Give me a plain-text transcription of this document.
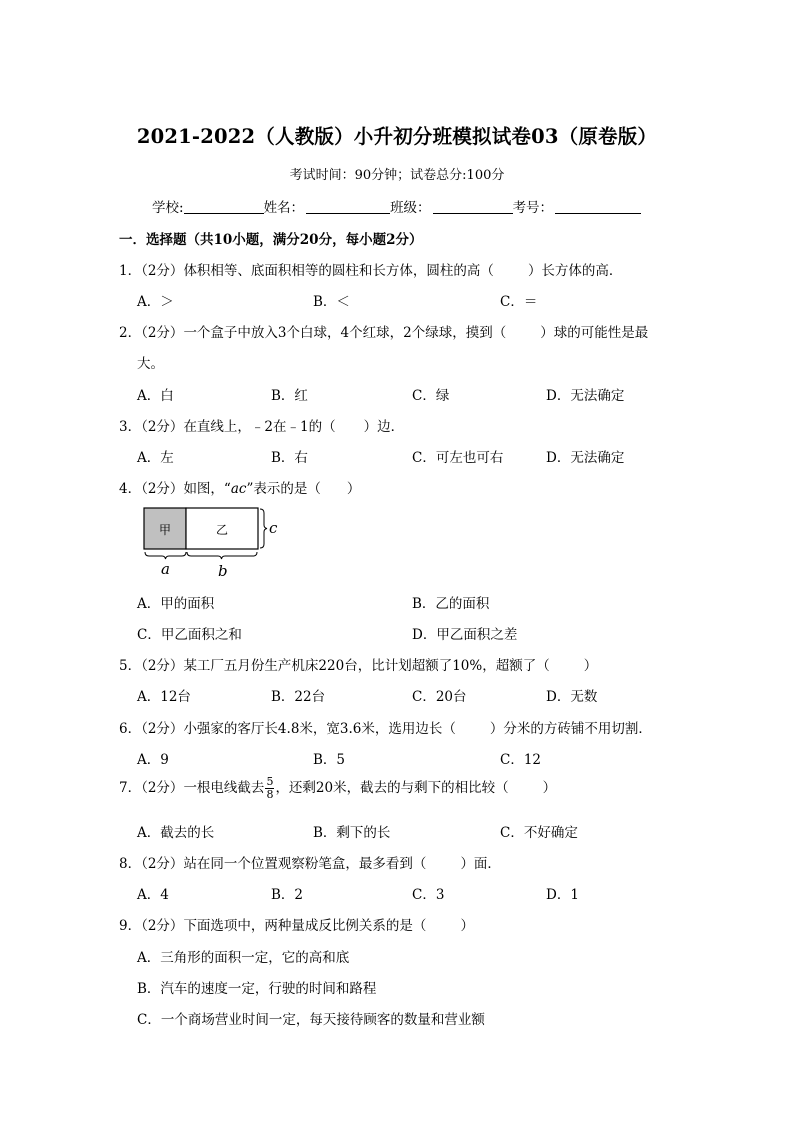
2021-2022（人教版）小升初分班模拟试卷03（原卷版）
考试时间：90分钟；试卷总分:100分
学校:	姓名：	班级：	考号：
一．选择题（共10小题，满分20分，每小题2分）
1．（2分）体积相等、底面积相等的圆柱和长方体，圆柱的高（	）长方体的高．
A．＞	B．＜	C．＝
2．（2分）一个盒子中放入3个白球，4个红球，2个绿球，摸到（	）球的可能性是最
大。
A．白	B．红	C．绿	D．无法确定
3．（2分）在直线上，﹣2在﹣1的（ ）边．
A．左	B．右	C．可左也可右	D．无法确定
4．（2分）如图，“ac”表示的是（ ）
甲	乙	c
a	b
A．甲的面积	B．乙的面积
C．甲乙面积之和	D．甲乙面积之差
5．（2分）某工厂五月份生产机床220台，比计划超额了10%，超额了（	）
A．12台	B．22台	C．20台	D．无数
6．（2分）小强家的客厅长4.8米，宽3.6米，选用边长（	）分米的方砖铺不用切割．
A．9	B．5	C．12
7．（2分）一根电线截去 $\frac{5}{8}$ ，还剩20米，截去的与剩下的相比较（	）
A．截去的长	B．剩下的长	C．不好确定
8．（2分）站在同一个位置观察粉笔盒，最多看到（	）面．
A．4	B．2	C．3	D．1
9．（2分）下面选项中，两种量成反比例关系的是（	）
A．三角形的面积一定，它的高和底
B．汽车的速度一定，行驶的时间和路程
C．一个商场营业时间一定，每天接待顾客的数量和营业额
